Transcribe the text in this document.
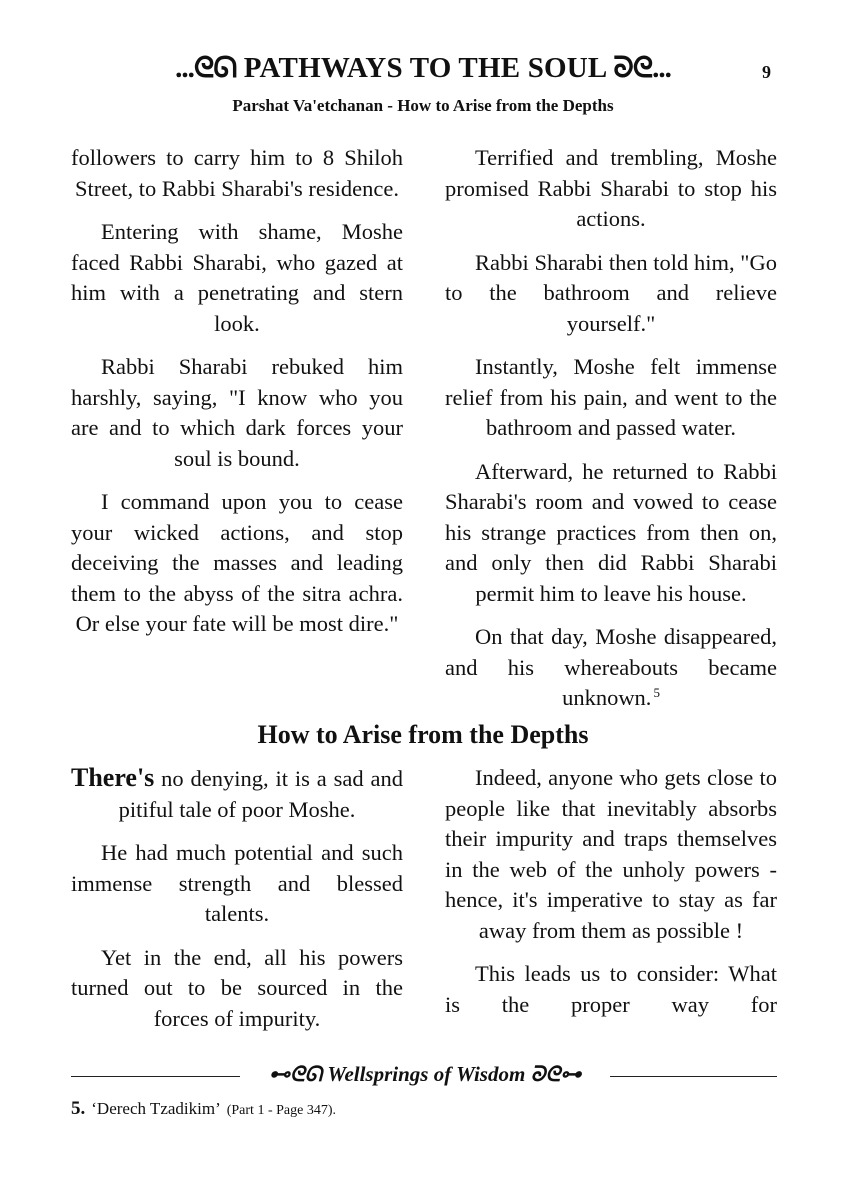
...ᘓᘏ PATHWAYS TO THE SOUL ᘐᘓ...	9
Parshat Va'etchanan - How to Arise from the Depths

followers to carry him to 8 Shiloh Street, to Rabbi Sharabi's residence.

Entering with shame, Moshe faced Rabbi Sharabi, who gazed at him with a penetrating and stern look.

Rabbi Sharabi rebuked him harshly, saying, "I know who you are and to which dark forces your soul is bound.

I command upon you to cease your wicked actions, and stop deceiving the masses and leading them to the abyss of the sitra achra. Or else your fate will be most dire."

Terrified and trembling, Moshe promised Rabbi Sharabi to stop his actions.

Rabbi Sharabi then told him, "Go to the bathroom and relieve yourself."

Instantly, Moshe felt immense relief from his pain, and went to the bathroom and passed water.

Afterward, he returned to Rabbi Sharabi's room and vowed to cease his strange practices from then on, and only then did Rabbi Sharabi permit him to leave his house.

On that day, Moshe disappeared, and his whereabouts became unknown. $^5$

How to Arise from the Depths

There's no denying, it is a sad and pitiful tale of poor Moshe.

He had much potential and such immense strength and blessed talents.

Yet in the end, all his powers turned out to be sourced in the forces of impurity.

Indeed, anyone who gets close to people like that inevitably absorbs their impurity and traps themselves in the web of the unholy powers - hence, it's imperative to stay as far away from them as possible !

This leads us to consider: What is the proper way for

⊷ᘓᘏ Wellsprings of Wisdom ᘐᘓ⊶
5. ‘Derech Tzadikim’ (Part 1 - Page 347).
